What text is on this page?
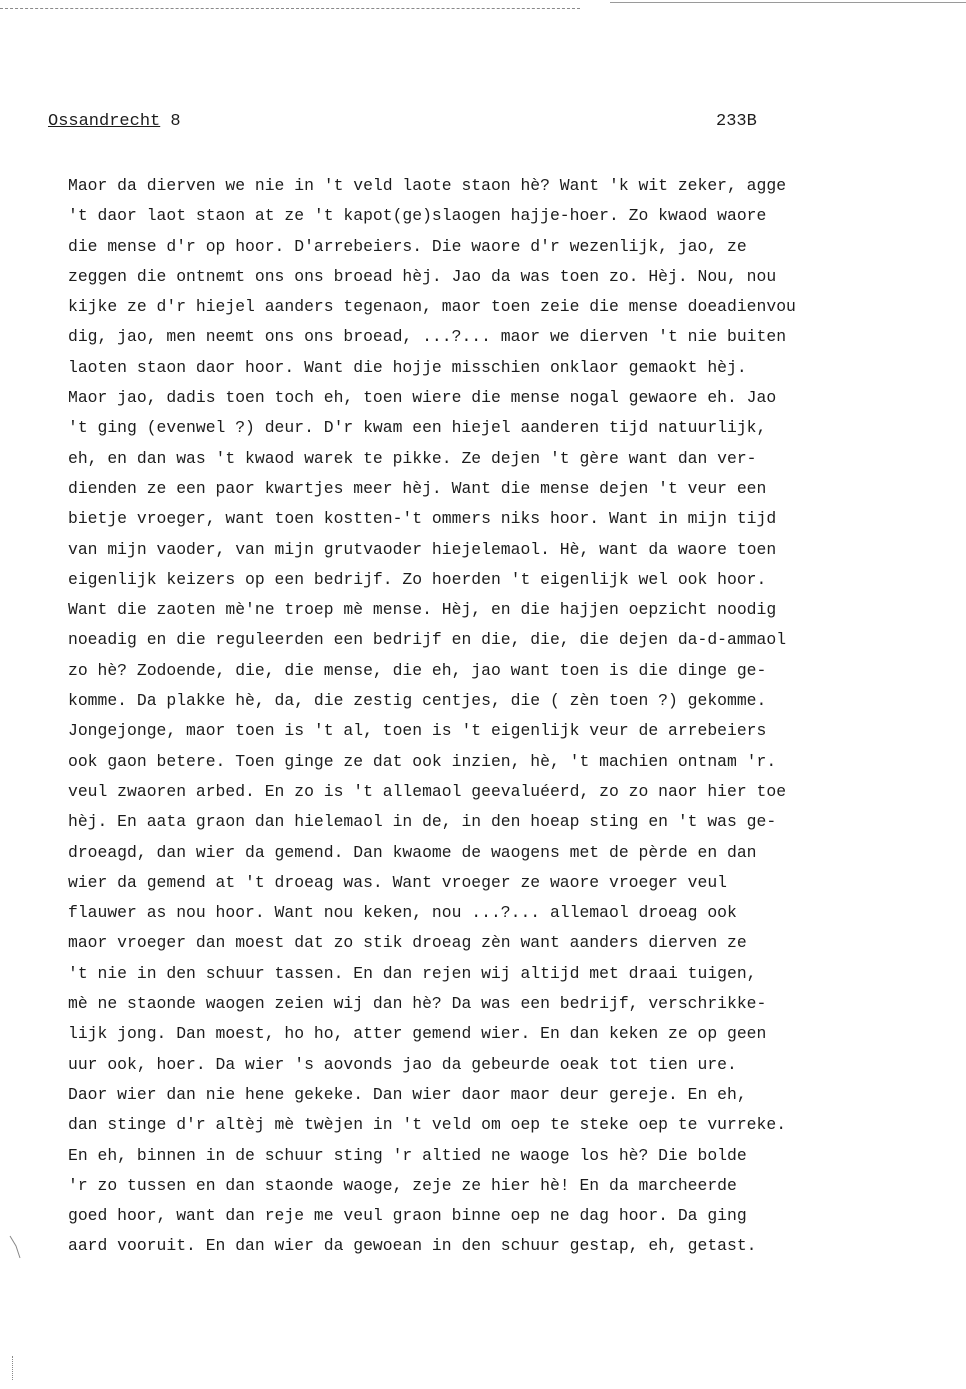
Ossandrecht 8	233B
Maor da dierven we nie in 't veld laote staon hè? Want 'k wit zeker, agge
't daor laot staon at ze 't kapot(ge)slaogen hajje-hoer. Zo kwaod waore
die mense d'r op hoor. D'arrebeiers. Die waore d'r wezenlijk, jao, ze
zeggen die ontnemt ons ons broead hèj. Jao da was toen zo. Hèj. Nou, nou
kijke ze d'r hiejel aanders tegenaon, maor toen zeie die mense doeadienvou
dig, jao, men neemt ons ons broead, ...?... maor we dierven 't nie buiten
laoten staon daor hoor. Want die hojje misschien onklaor gemaokt hèj.
Maor jao, dadis toen toch eh, toen wiere die mense nogal gewaore eh. Jao
't ging (evenwel ?) deur. D'r kwam een hiejel aanderen tijd natuurlijk,
eh, en dan was 't kwaod warek te pikke. Ze dejen 't gère want dan ver-
dienden ze een paor kwartjes meer hèj. Want die mense dejen 't veur een
bietje vroeger, want toen kostten-'t ommers niks hoor. Want in mijn tijd
van mijn vaoder, van mijn grutvaoder hiejelemaol. Hè, want da waore toen
eigenlijk keizers op een bedrijf. Zo hoerden 't eigenlijk wel ook hoor.
Want die zaoten mè'ne troep mè mense. Hèj, en die hajjen oepzicht noodig
noeadig en die reguleerden een bedrijf en die, die, die dejen da-d-ammaol
zo hè? Zodoende, die, die mense, die eh, jao want toen is die dinge ge-
komme. Da plakke hè, da, die zestig centjes, die ( zèn toen ?) gekomme.
Jongejonge, maor toen is 't al, toen is 't eigenlijk veur de arrebeiers
ook gaon betere. Toen ginge ze dat ook inzien, hè, 't machien ontnam 'r.
veul zwaoren arbed. En zo is 't allemaol geevaluéerd, zo zo naor hier toe
hèj. En aata graon dan hielemaol in de, in den hoeap sting en 't was ge-
droeagd, dan wier da gemend. Dan kwaome de waogens met de pèrde en dan
wier da gemend at 't droeag was. Want vroeger ze waore vroeger veul
flauwer as nou hoor. Want nou keken, nou ...?... allemaol droeag ook
maor vroeger dan moest dat zo stik droeag zèn want aanders dierven ze
't nie in den schuur tassen. En dan rejen wij altijd met draai tuigen,
mè ne staonde waogen zeien wij dan hè? Da was een bedrijf, verschrikke-
lijk jong. Dan moest, ho ho, atter gemend wier. En dan keken ze op geen
uur ook, hoer. Da wier 's aovonds jao da gebeurde oeak tot tien ure.
Daor wier dan nie hene gekeke. Dan wier daor maor deur gereje. En eh,
dan stinge d'r altèj mè twèjen in 't veld om oep te steke oep te vurreke.
En eh, binnen in de schuur sting 'r altied ne waoge los hè? Die bolde
'r zo tussen en dan staonde waoge, zeje ze hier hè! En da marcheerde
goed hoor, want dan reje me veul graon binne oep ne dag hoor. Da ging
aard vooruit. En dan wier da gewoean in den schuur gestap, eh, getast.
